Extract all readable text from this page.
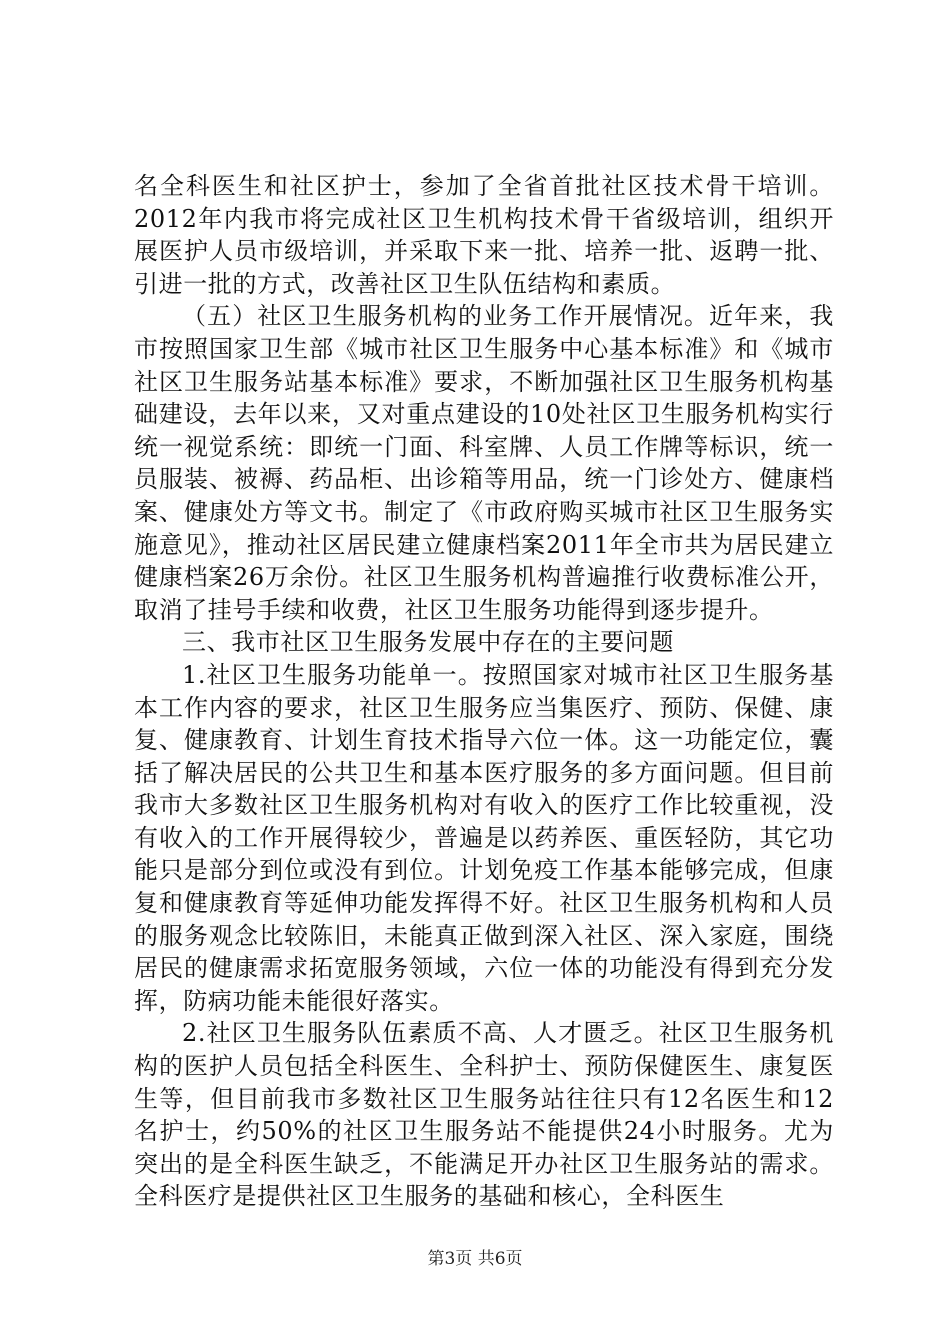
名全科医生和社区护士，参加了全省首批社区技术骨干培训。2012年内我市将完成社区卫生机构技术骨干省级培训，组织开展医护人员市级培训，并采取下来一批、培养一批、返聘一批、引进一批的方式，改善社区卫生队伍结构和素质。

（五）社区卫生服务机构的业务工作开展情况。近年来，我市按照国家卫生部《城市社区卫生服务中心基本标准》和《城市社区卫生服务站基本标准》要求，不断加强社区卫生服务机构基础建设，去年以来，又对重点建设的10处社区卫生服务机构实行统一视觉系统：即统一门面、科室牌、人员工作牌等标识，统一员服装、被褥、药品柜、出诊箱等用品，统一门诊处方、健康档案、健康处方等文书。制定了《市政府购买城市社区卫生服务实施意见》，推动社区居民建立健康档案2011年全市共为居民建立健康档案26万余份。社区卫生服务机构普遍推行收费标准公开，取消了挂号手续和收费，社区卫生服务功能得到逐步提升。

三、我市社区卫生服务发展中存在的主要问题

1.社区卫生服务功能单一。按照国家对城市社区卫生服务基本工作内容的要求，社区卫生服务应当集医疗、预防、保健、康复、健康教育、计划生育技术指导六位一体。这一功能定位，囊括了解决居民的公共卫生和基本医疗服务的多方面问题。但目前我市大多数社区卫生服务机构对有收入的医疗工作比较重视，没有收入的工作开展得较少，普遍是以药养医、重医轻防，其它功能只是部分到位或没有到位。计划免疫工作基本能够完成，但康复和健康教育等延伸功能发挥得不好。社区卫生服务机构和人员的服务观念比较陈旧，未能真正做到深入社区、深入家庭，围绕居民的健康需求拓宽服务领域，六位一体的功能没有得到充分发挥，防病功能未能很好落实。

2.社区卫生服务队伍素质不高、人才匮乏。社区卫生服务机构的医护人员包括全科医生、全科护士、预防保健医生、康复医生等，但目前我市多数社区卫生服务站往往只有12名医生和12名护士，约50%的社区卫生服务站不能提供24小时服务。尤为突出的是全科医生缺乏，不能满足开办社区卫生服务站的需求。全科医疗是提供社区卫生服务的基础和核心，全科医生

第3页 共6页
